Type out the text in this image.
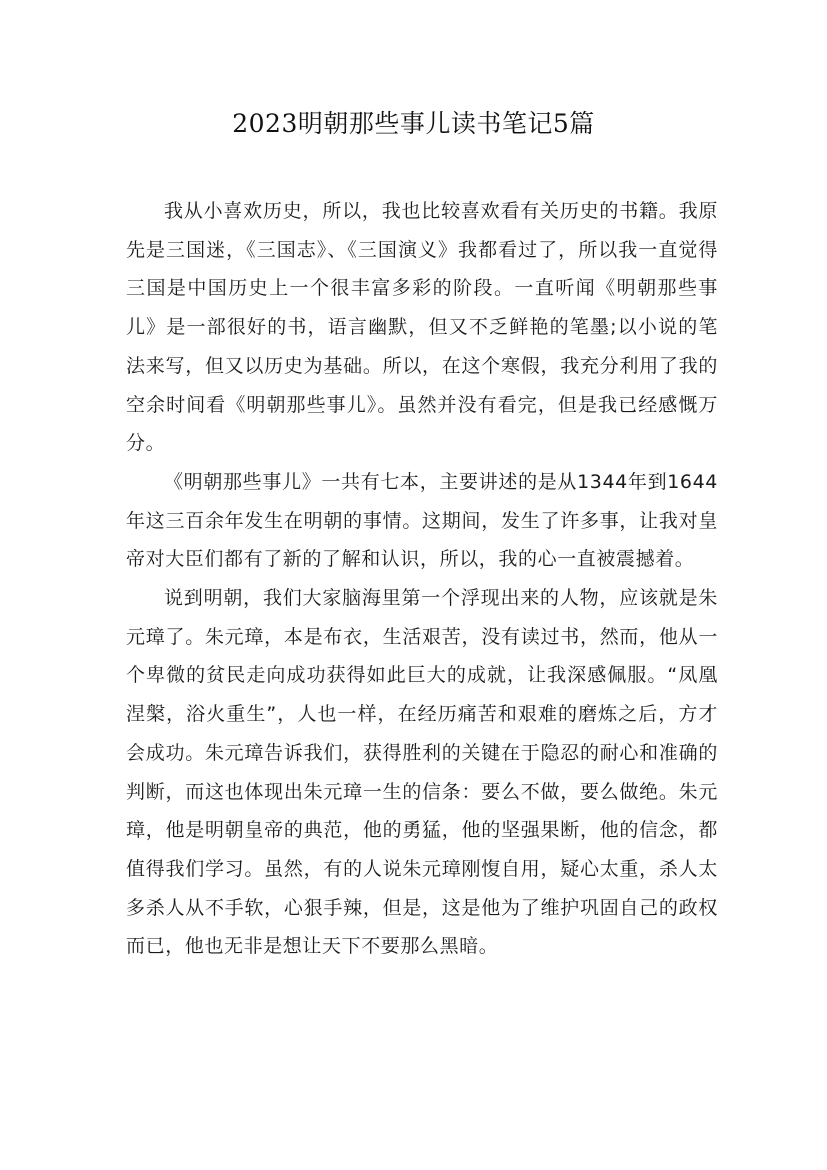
2023明朝那些事儿读书笔记5篇

我从小喜欢历史，所以，我也比较喜欢看有关历史的书籍。我原先是三国迷，《三国志》、《三国演义》我都看过了，所以我一直觉得三国是中国历史上一个很丰富多彩的阶段。一直听闻《明朝那些事儿》是一部很好的书，语言幽默，但又不乏鲜艳的笔墨;以小说的笔法来写，但又以历史为基础。所以，在这个寒假，我充分利用了我的空余时间看《明朝那些事儿》。虽然并没有看完，但是我已经感慨万分。

《明朝那些事儿》一共有七本，主要讲述的是从1344年到1644年这三百余年发生在明朝的事情。这期间，发生了许多事，让我对皇帝对大臣们都有了新的了解和认识，所以，我的心一直被震撼着。

说到明朝，我们大家脑海里第一个浮现出来的人物，应该就是朱元璋了。朱元璋，本是布衣，生活艰苦，没有读过书，然而，他从一个卑微的贫民走向成功获得如此巨大的成就，让我深感佩服。“凤凰涅槃，浴火重生”，人也一样，在经历痛苦和艰难的磨炼之后，方才会成功。朱元璋告诉我们，获得胜利的关键在于隐忍的耐心和准确的判断，而这也体现出朱元璋一生的信条：要么不做，要么做绝。朱元璋，他是明朝皇帝的典范，他的勇猛，他的坚强果断，他的信念，都值得我们学习。虽然，有的人说朱元璋刚愎自用，疑心太重，杀人太多杀人从不手软，心狠手辣，但是，这是他为了维护巩固自己的政权而已，他也无非是想让天下不要那么黑暗。
